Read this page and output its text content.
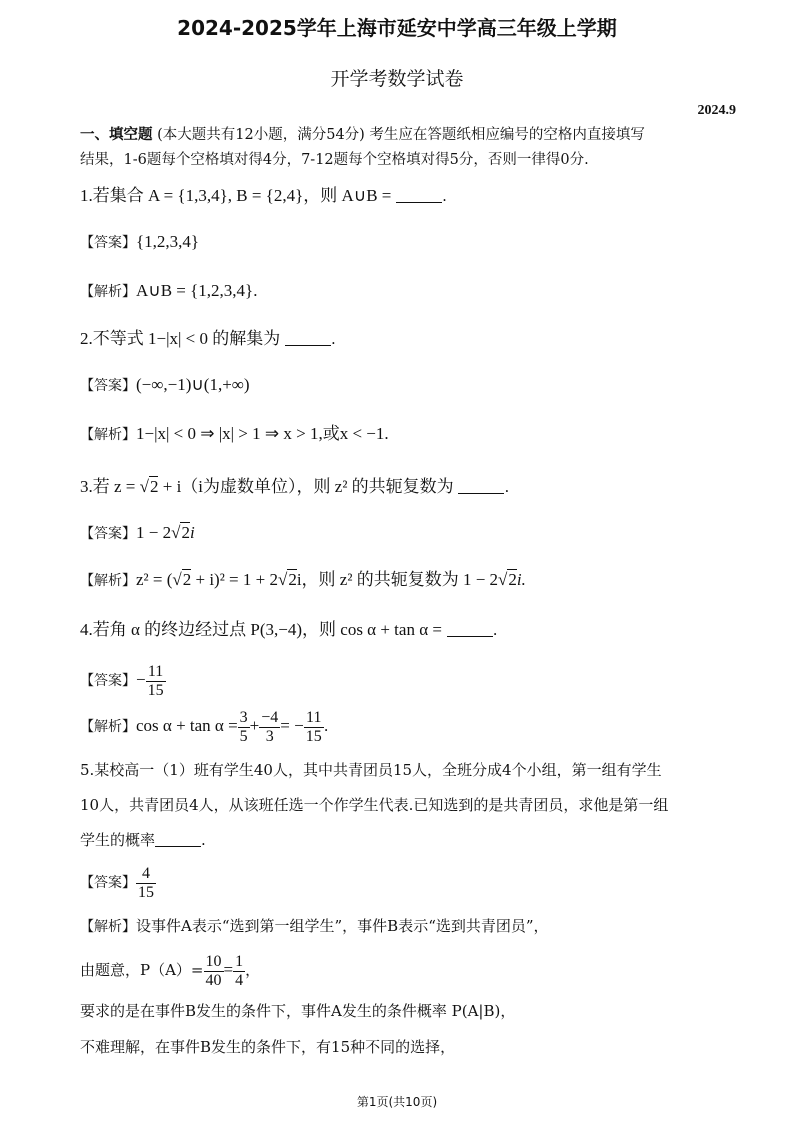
2024-2025学年上海市延安中学高三年级上学期
开学考数学试卷
2024.9
一、填空题 (本大题共有12小题，满分54分) 考生应在答题纸相应编号的空格内直接填写
结果，1-6题每个空格填对得4分，7-12题每个空格填对得5分，否则一律得0分.
1.若集合 A = {1,3,4}, B = {2,4}，则 A∪B =	.
【答案】{1,2,3,4}
【解析】A∪B = {1,2,3,4}.
2.不等式 1−|x| < 0 的解集为	.
【答案】(−∞,−1)∪(1,+∞)
【解析】1−|x| < 0 ⇒ |x| > 1 ⇒ x > 1,或x < −1.
3.若 z = √2 + i（i为虚数单位），则 z² 的共轭复数为	.
【答案】1 − 2√2i
【解析】z² = (√2 + i)² = 1 + 2√2i，则 z² 的共轭复数为 1 − 2√2i.
4.若角 α 的终边经过点 P(3,−4)，则 cos α + tan α =	.
【答案】− $\frac{11}{15}$
【解析】$\cos \alpha + \tan \alpha = \frac{3}{5} + \frac{-4}{3}$ = − $\frac{11}{15}$ .
5.某校高一（1）班有学生40人，其中共青团员15人，全班分成4个小组，第一组有学生
10人，共青团员4人，从该班任选一个作学生代表.已知选到的是共青团员，求他是第一组
学生的概率	.
【答案】 $\frac{4}{15}$
【解析】设事件A表示“选到第一组学生”，事件B表示“选到共青团员”，
由题意，$P(A)= \frac{10}{40} = \frac{1}{4}$ ，
要求的是在事件B发生的条件下，事件A发生的条件概率 P(A|B)，
不难理解，在事件B发生的条件下，有15种不同的选择，
第1页(共10页)
